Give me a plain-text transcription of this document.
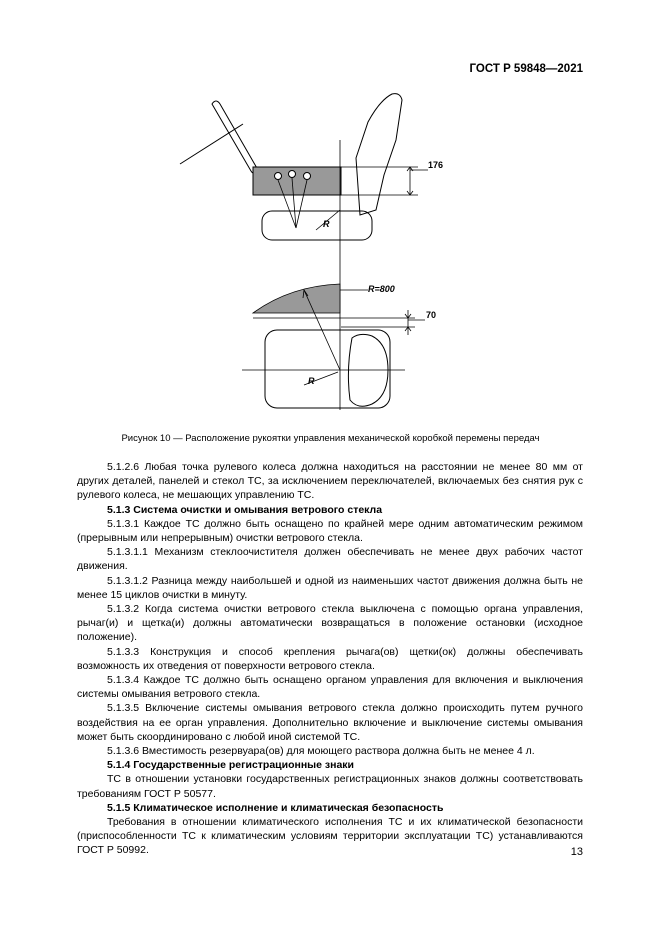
ГОСТ Р 59848—2021
R
176
R=800
70
R
Рисунок 10 — Расположение рукоятки управления механической коробкой перемены передач

5.1.2.6 Любая точка рулевого колеса должна находиться на расстоянии не менее 80 мм от других деталей, панелей и стекол ТС, за исключением переключателей, включаемых без снятия рук с рулевого колеса, не мешающих управлению ТС.

5.1.3 Система очистки и омывания ветрового стекла

5.1.3.1 Каждое ТС должно быть оснащено по крайней мере одним автоматическим режимом (прерывным или непрерывным) очистки ветрового стекла.

5.1.3.1.1 Механизм стеклоочистителя должен обеспечивать не менее двух рабочих частот движения.

5.1.3.1.2 Разница между наибольшей и одной из наименьших частот движения должна быть не менее 15 циклов очистки в минуту.

5.1.3.2 Когда система очистки ветрового стекла выключена с помощью органа управления, рычаг(и) и щетка(и) должны автоматически возвращаться в положение остановки (исходное положение).

5.1.3.3 Конструкция и способ крепления рычага(ов) щетки(ок) должны обеспечивать возможность их отведения от поверхности ветрового стекла.

5.1.3.4 Каждое ТС должно быть оснащено органом управления для включения и выключения системы омывания ветрового стекла.

5.1.3.5 Включение системы омывания ветрового стекла должно происходить путем ручного воздействия на ее орган управления. Дополнительно включение и выключение системы омывания может быть скоординировано с любой иной системой ТС.

5.1.3.6 Вместимость резервуара(ов) для моющего раствора должна быть не менее 4 л.

5.1.4 Государственные регистрационные знаки

ТС в отношении установки государственных регистрационных знаков должны соответствовать требованиям ГОСТ Р 50577.

5.1.5 Климатическое исполнение и климатическая безопасность

Требования в отношении климатического исполнения ТС и их климатической безопасности (приспособленности ТС к климатическим условиям территории эксплуатации ТС) устанавливаются ГОСТ Р 50992.	13
